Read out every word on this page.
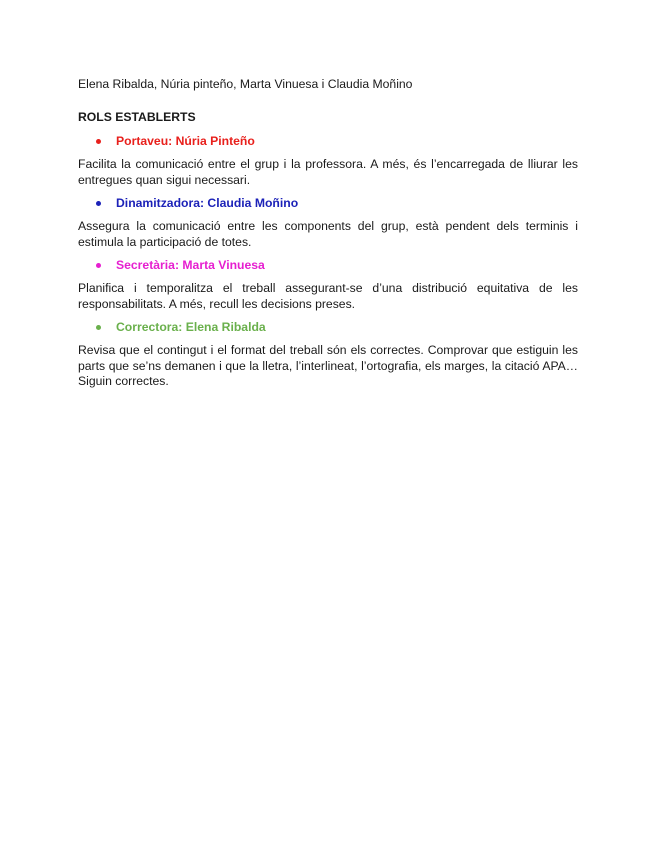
Elena Ribalda, Núria pinteño, Marta Vinuesa i Claudia Moñino

ROLS ESTABLERTS

Portaveu: Núria Pinteño

Facilita la comunicació entre el grup i la professora. A més, és l’encarregada de lliurar les entregues quan sigui necessari.

Dinamitzadora: Claudia Moñino

Assegura la comunicació entre les components del grup, està pendent dels terminis i estimula la participació de totes.

Secretària: Marta Vinuesa

Planifica i temporalitza el treball assegurant-se d’una distribució equitativa de les responsabilitats. A més, recull les decisions preses.

Correctora: Elena Ribalda

Revisa que el contingut i el format del treball són els correctes. Comprovar que estiguin les parts que se’ns demanen i que la lletra, l’interlineat, l’ortografia, els marges, la citació APA… Siguin correctes.
